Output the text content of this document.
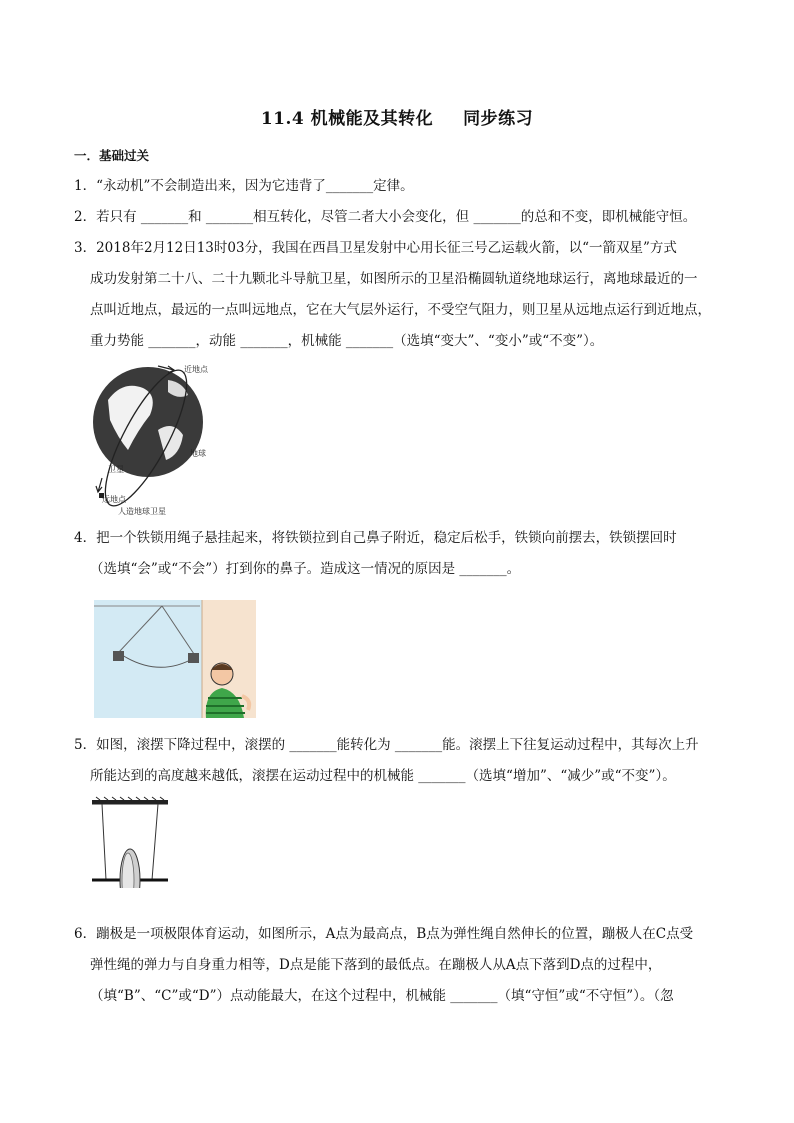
11.4 机械能及其转化 同步练习
一．基础过关
1．“永动机”不会制造出来，因为它违背了_______定律。
2．若只有 _______和 _______相互转化，尽管二者大小会变化，但 _______的总和不变，即机械能守恒。
3．2018年2月12日13时03分，我国在西昌卫星发射中心用长征三号乙运载火箭，以“一箭双星”方式
成功发射第二十八、二十九颗北斗导航卫星，如图所示的卫星沿椭圆轨道绕地球运行，离地球最近的一
点叫近地点，最远的一点叫远地点，它在大气层外运行，不受空气阻力，则卫星从远地点运行到近地点，
重力势能 _______，动能 _______，机械能 _______（选填“变大”、“变小”或“不变”）。
近地点
地球
卫星
远地点
人造地球卫星
4．把一个铁锁用绳子悬挂起来，将铁锁拉到自己鼻子附近，稳定后松手，铁锁向前摆去，铁锁摆回时
（选填“会”或“不会”）打到你的鼻子。造成这一情况的原因是 _______。
5．如图，滚摆下降过程中，滚摆的 _______能转化为 _______能。滚摆上下往复运动过程中，其每次上升
所能达到的高度越来越低，滚摆在运动过程中的机械能 _______（选填“增加”、“减少”或“不变”）。
6．蹦极是一项极限体育运动，如图所示，A点为最高点，B点为弹性绳自然伸长的位置，蹦极人在C点受
弹性绳的弹力与自身重力相等，D点是能下落到的最低点。在蹦极人从A点下落到D点的过程中，
（填“B”、“C”或“D”）点动能最大，在这个过程中，机械能 _______（填“守恒”或“不守恒”）。（忽
